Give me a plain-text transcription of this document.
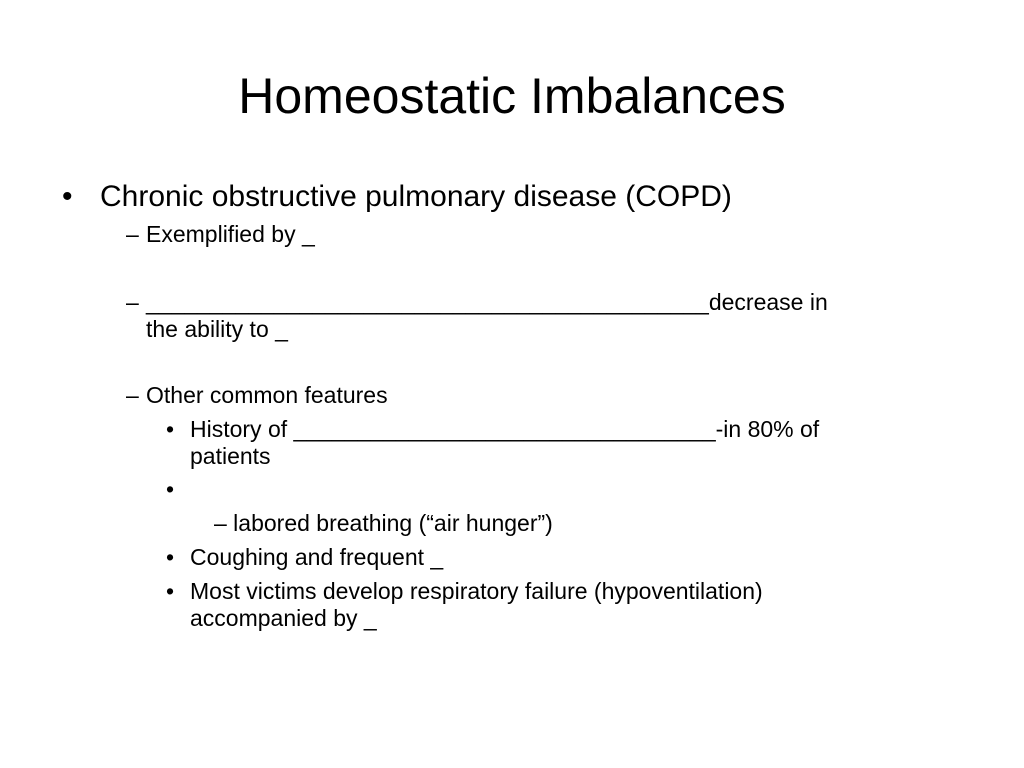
Homeostatic Imbalances
• Chronic obstructive pulmonary disease (COPD)
– Exemplified by _
– ____________________________________________decrease in
the ability to _
– Other common features
• History of _________________________________-in 80% of
patients
•
– labored breathing (“air hunger”)
• Coughing and frequent _
• Most victims develop respiratory failure (hypoventilation)
accompanied by _
